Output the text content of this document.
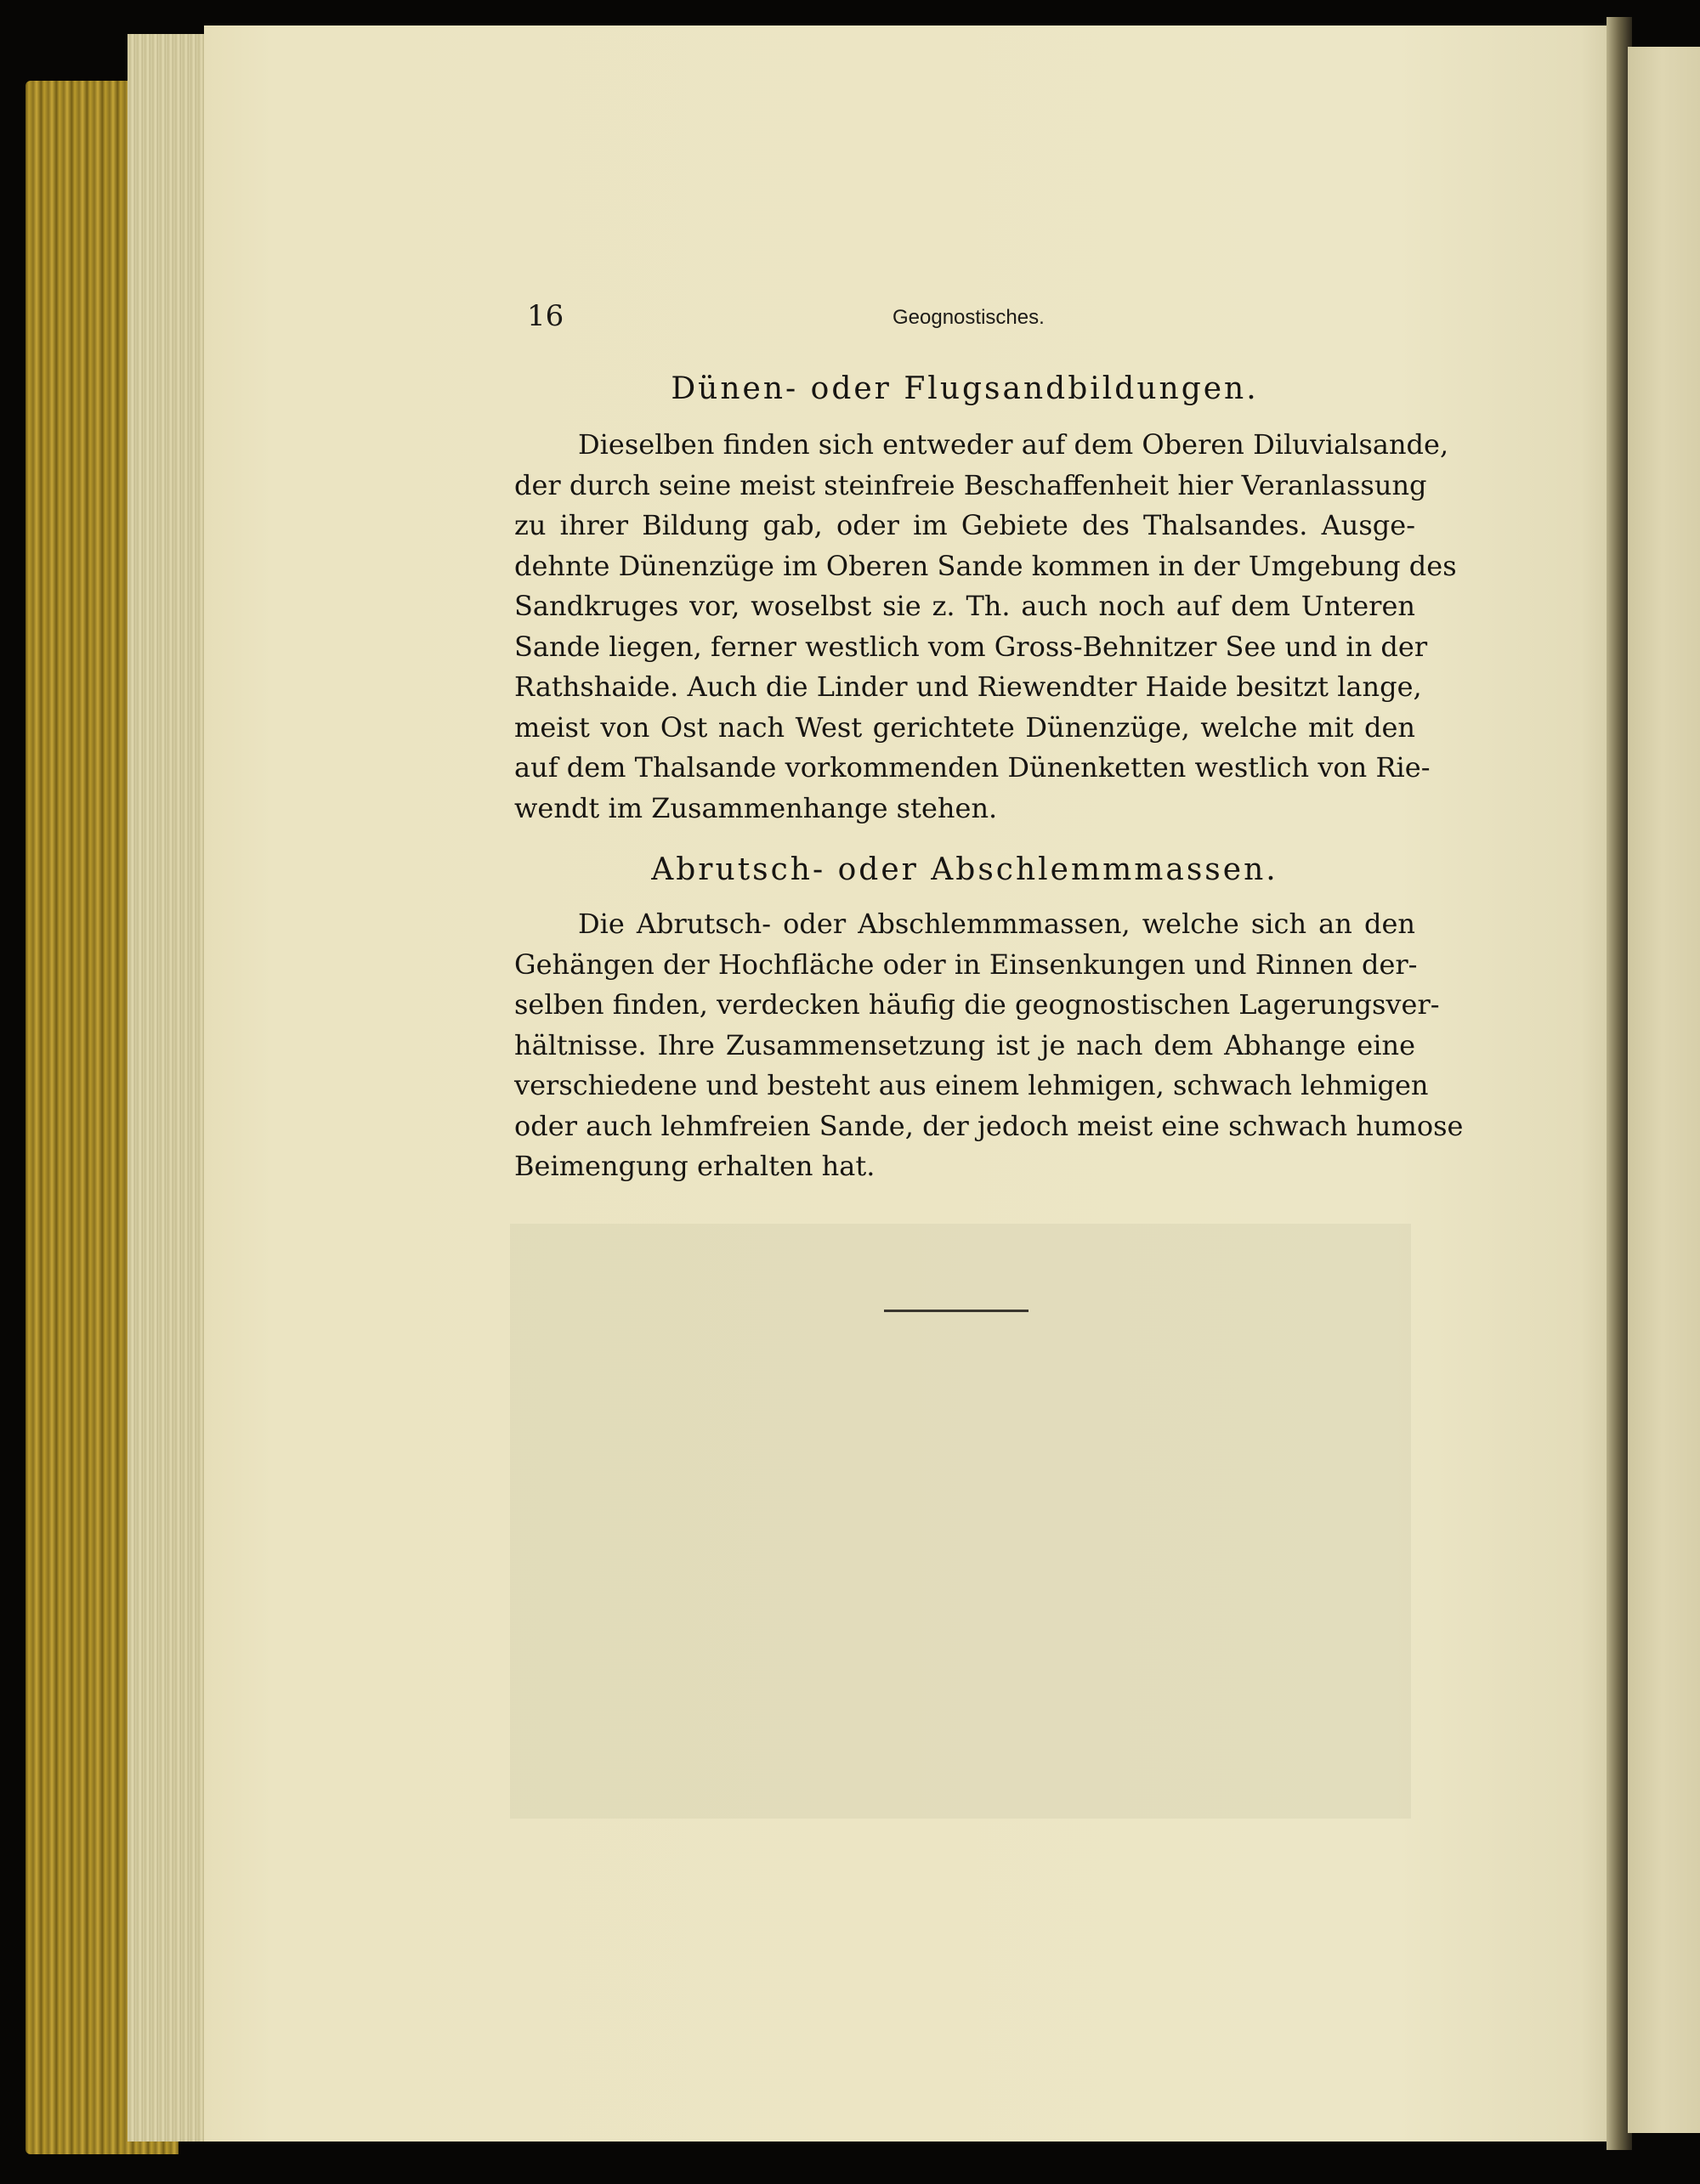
16	Geognostisches.
Dünen- oder Flugsandbildungen.
Dieselben finden sich entweder auf dem Oberen Diluvialsande,
der durch seine meist steinfreie Beschaffenheit hier Veranlassung
zu ihrer Bildung gab, oder im Gebiete des Thalsandes. Ausge-
dehnte Dünenzüge im Oberen Sande kommen in der Umgebung des
Sandkruges vor, woselbst sie z. Th. auch noch auf dem Unteren
Sande liegen, ferner westlich vom Gross-Behnitzer See und in der
Rathshaide. Auch die Linder und Riewendter Haide besitzt lange,
meist von Ost nach West gerichtete Dünenzüge, welche mit den
auf dem Thalsande vorkommenden Dünenketten westlich von Rie-
wendt im Zusammenhange stehen.
Abrutsch- oder Abschlemmmassen.
Die Abrutsch- oder Abschlemmmassen, welche sich an den
Gehängen der Hochfläche oder in Einsenkungen und Rinnen der-
selben finden, verdecken häufig die geognostischen Lagerungsver-
hältnisse. Ihre Zusammensetzung ist je nach dem Abhange eine
verschiedene und besteht aus einem lehmigen, schwach lehmigen
oder auch lehmfreien Sande, der jedoch meist eine schwach humose
Beimengung erhalten hat.
